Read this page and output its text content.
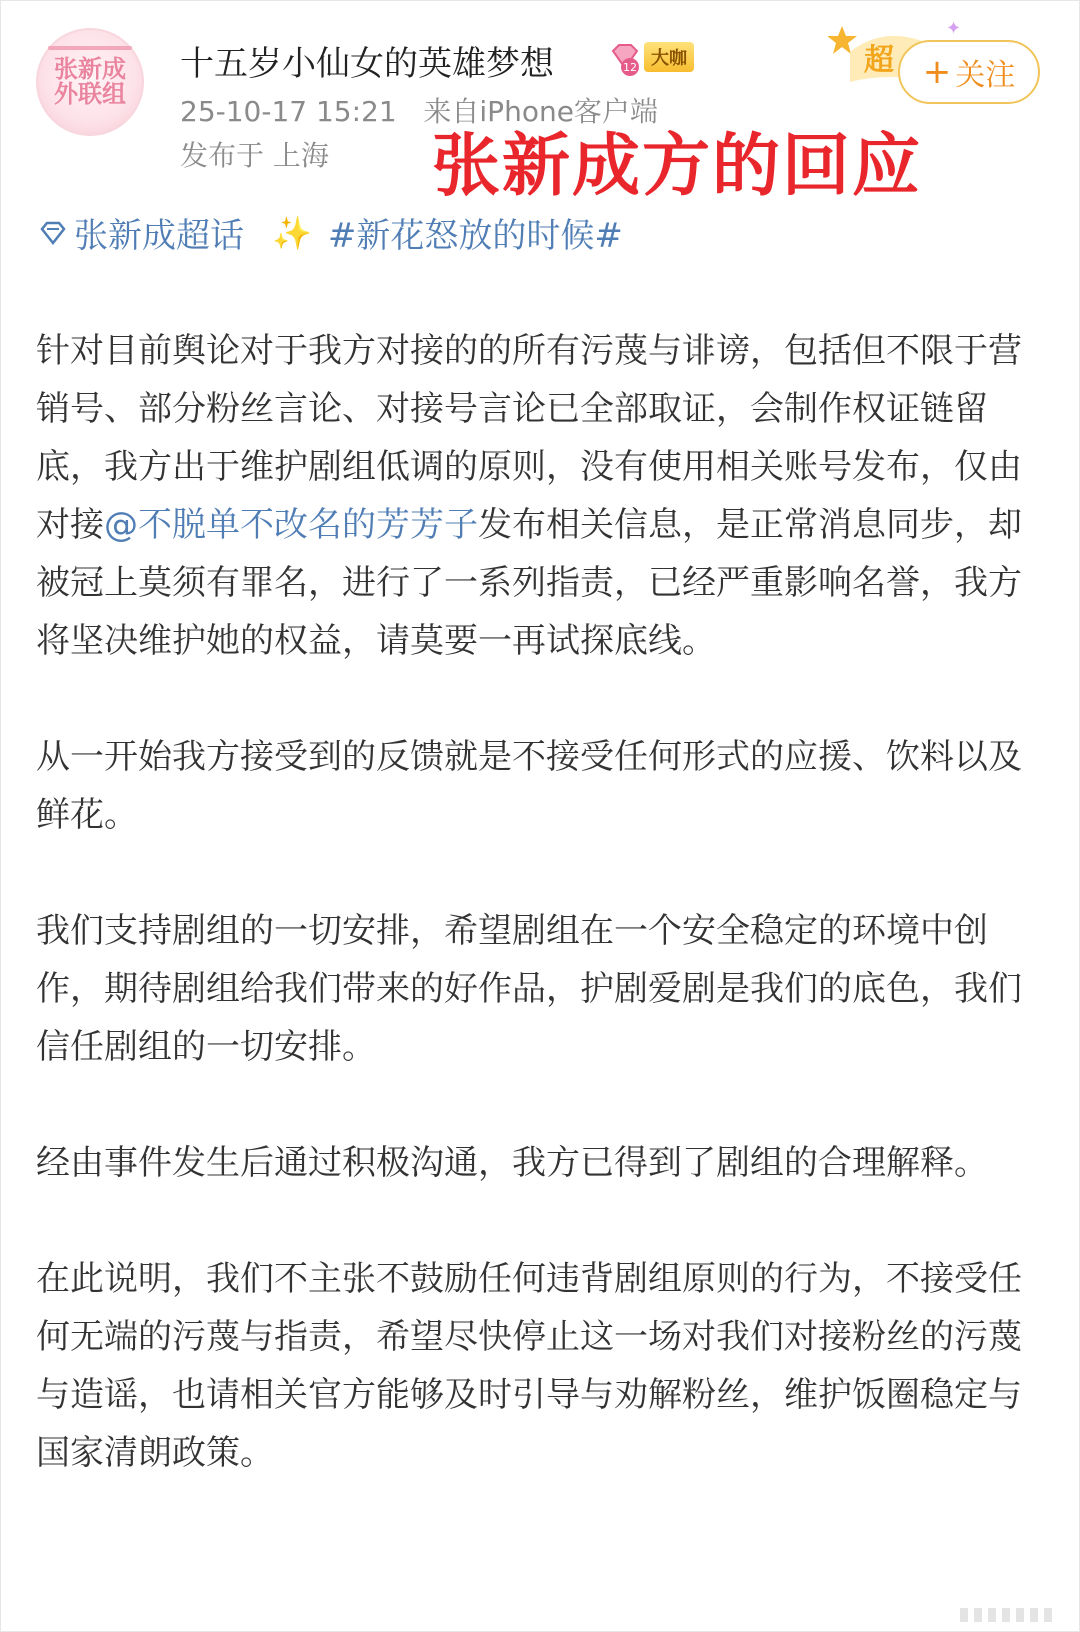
张新成
外联组
十五岁小仙女的英雄梦想	12 大咖
25-10-17 15:21 来自iPhone客户端
发布于 上海 张新成方的回应
超
✦
+ 关注
张新成超话 ✨ #新花怒放的时候#

针对目前舆论对于我方对接的的所有污蔑与诽谤，包括但不限于营销号、部分粉丝言论、对接号言论已全部取证，会制作权证链留底，我方出于维护剧组低调的原则，没有使用相关账号发布，仅由对接@不脱单不改名的芳芳子发布相关信息，是正常消息同步，却被冠上莫须有罪名，进行了一系列指责，已经严重影响名誉，我方将坚决维护她的权益，请莫要一再试探底线。

从一开始我方接受到的反馈就是不接受任何形式的应援、饮料以及鲜花。

我们支持剧组的一切安排，希望剧组在一个安全稳定的环境中创作，期待剧组给我们带来的好作品，护剧爱剧是我们的底色，我们信任剧组的一切安排。

经由事件发生后通过积极沟通，我方已得到了剧组的合理解释。

在此说明，我们不主张不鼓励任何违背剧组原则的行为，不接受任何无端的污蔑与指责，希望尽快停止这一场对我们对接粉丝的污蔑与造谣，也请相关官方能够及时引导与劝解粉丝，维护饭圈稳定与国家清朗政策。
